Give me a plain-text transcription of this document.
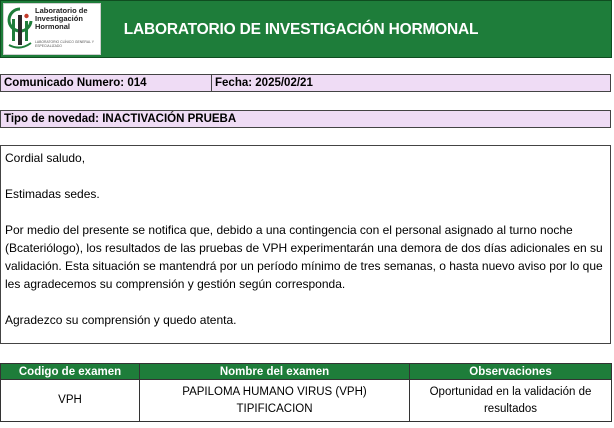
Laboratorio de
Investigación
Hormonal
LABORATORIO CLÍNICO GENERAL Y ESPECIALIZADO
LABORATORIO DE INVESTIGACIÓN HORMONAL
Comunicado Numero: 014	Fecha: 2025/02/21
Tipo de novedad: INACTIVACIÓN PRUEBA

Cordial saludo,

Estimadas sedes.

Por medio del presente se notifica que, debido a una contingencia con el personal asignado al turno noche (Bcateriólogo), los resultados de las pruebas de VPH experimentarán una demora de dos días adicionales en su validación. Esta situación se mantendrá por un período mínimo de tres semanas, o hasta nuevo aviso por lo que les agradecemos su comprensión y gestión según corresponda.

Agradezco su comprensión y quedo atenta.

Codigo de examen	Nombre del examen	Observaciones
VPH	PAPILOMA HUMANO VIRUS (VPH) TIPIFICACION	Oportunidad en la validación de resultados
